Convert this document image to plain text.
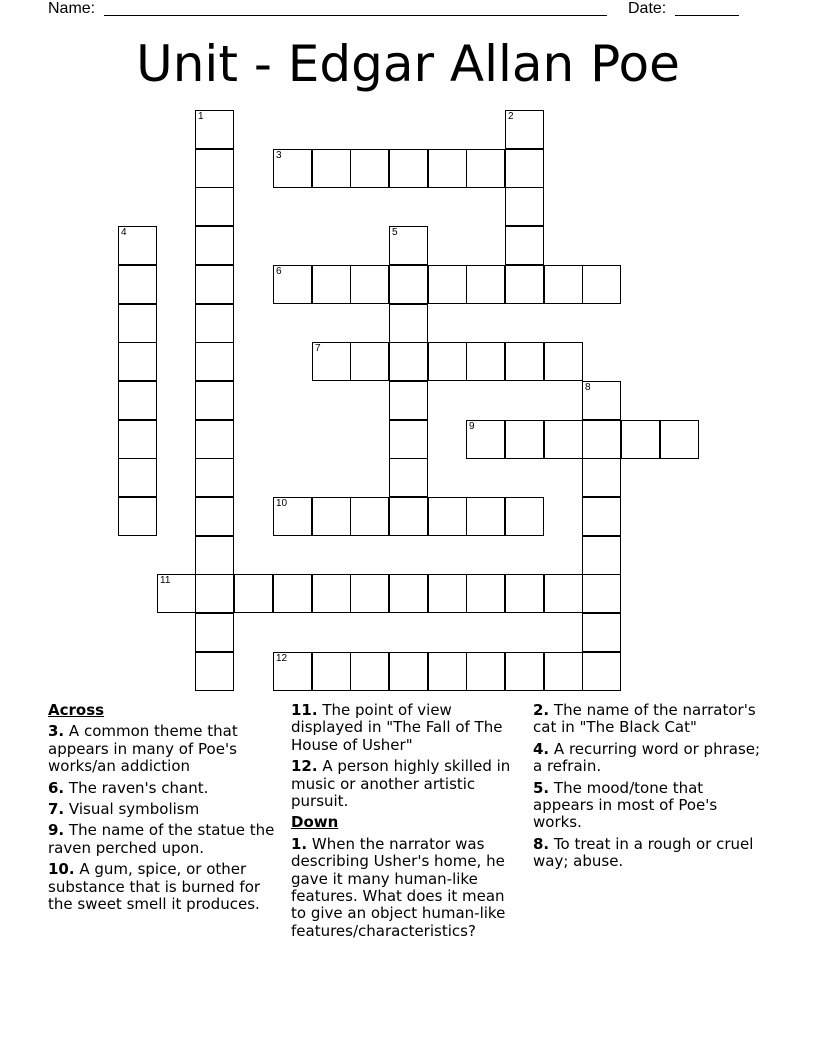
Name:	Date:
Unit - Edgar Allan Poe
1	2
3
4	5
6
7
8
9
10
11
12
Across
3. A common theme that appears in many of Poe's works/an addiction
6. The raven's chant.
7. Visual symbolism
9. The name of the statue the raven perched upon.
10. A gum, spice, or other substance that is burned for the sweet smell it produces.
11. The point of view displayed in "The Fall of The House of Usher"
12. A person highly skilled in music or another artistic pursuit.
Down
1. When the narrator was describing Usher's home, he gave it many human-like features. What does it mean to give an object human-like features/characteristics?
2. The name of the narrator's cat in "The Black Cat"
4. A recurring word or phrase; a refrain.
5. The mood/tone that appears in most of Poe's works.
8. To treat in a rough or cruel way; abuse.
